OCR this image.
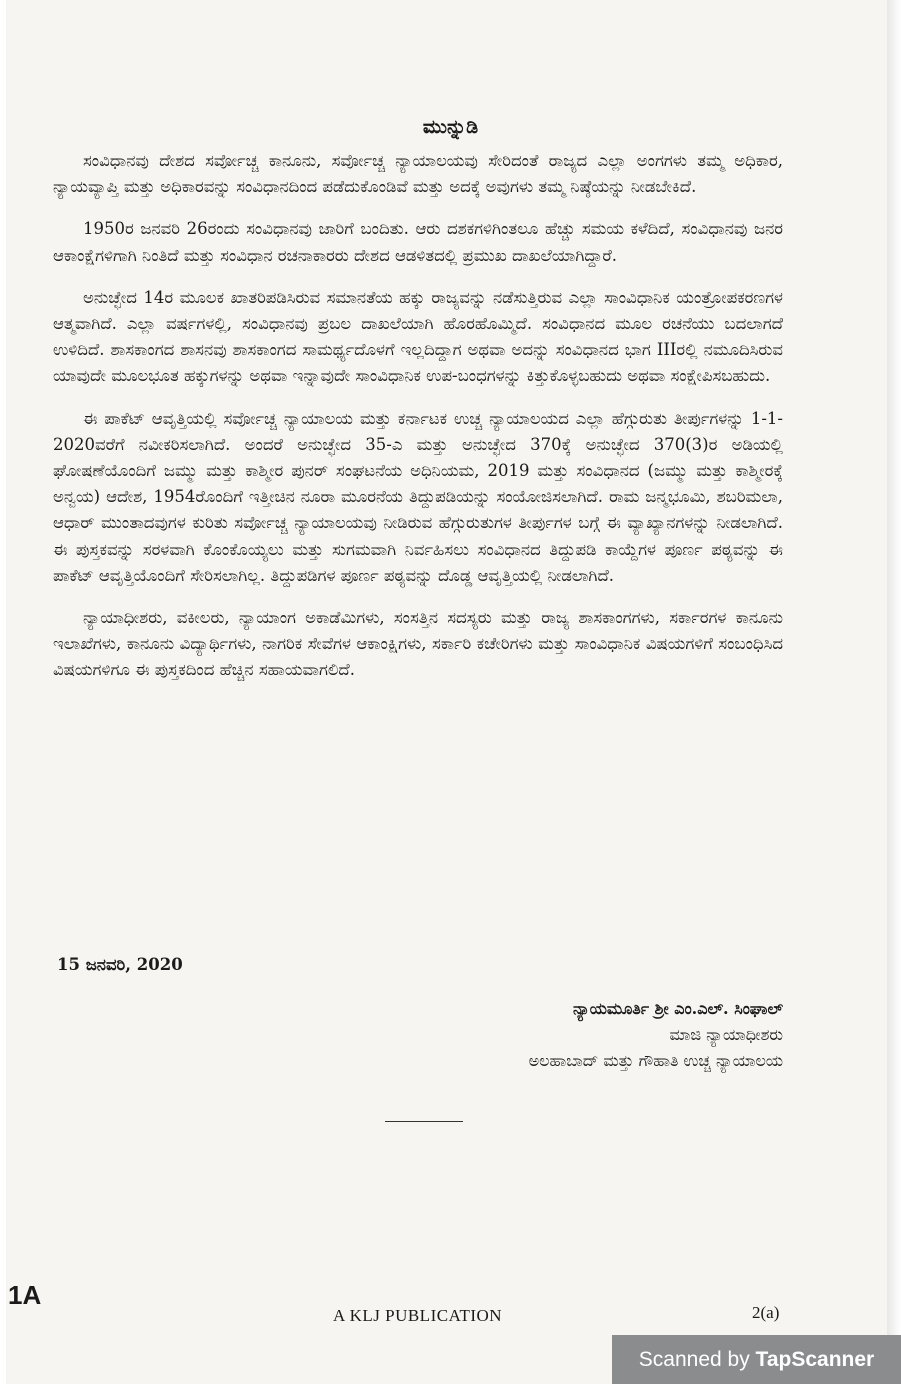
ಮುನ್ನುಡಿ

ಸಂವಿಧಾನವು ದೇಶದ ಸರ್ವೋಚ್ಚ ಕಾನೂನು, ಸರ್ವೋಚ್ಚ ನ್ಯಾಯಾಲಯವು ಸೇರಿದಂತೆ ರಾಜ್ಯದ ಎಲ್ಲಾ ಅಂಗಗಳು ತಮ್ಮ ಅಧಿಕಾರ, ನ್ಯಾಯವ್ಯಾಪ್ತಿ ಮತ್ತು ಅಧಿಕಾರವನ್ನು ಸಂವಿಧಾನದಿಂದ ಪಡೆದುಕೊಂಡಿವೆ ಮತ್ತು ಅದಕ್ಕೆ ಅವುಗಳು ತಮ್ಮ ನಿಷ್ಠೆಯನ್ನು ನೀಡಬೇಕಿದೆ.

1950ರ ಜನವರಿ 26ರಂದು ಸಂವಿಧಾನವು ಜಾರಿಗೆ ಬಂದಿತು. ಆರು ದಶಕಗಳಿಗಿಂತಲೂ ಹೆಚ್ಚು ಸಮಯ ಕಳೆದಿದೆ, ಸಂವಿಧಾನವು ಜನರ ಆಕಾಂಕ್ಷೆಗಳಿಗಾಗಿ ನಿಂತಿದೆ ಮತ್ತು ಸಂವಿಧಾನ ರಚನಾಕಾರರು ದೇಶದ ಆಡಳಿತದಲ್ಲಿ ಪ್ರಮುಖ ದಾಖಲೆಯಾಗಿದ್ದಾರೆ.

ಅನುಚ್ಛೇದ 14ರ ಮೂಲಕ ಖಾತರಿಪಡಿಸಿರುವ ಸಮಾನತೆಯ ಹಕ್ಕು ರಾಜ್ಯವನ್ನು ನಡೆಸುತ್ತಿರುವ ಎಲ್ಲಾ ಸಾಂವಿಧಾನಿಕ ಯಂತ್ರೋಪಕರಣಗಳ ಆತ್ಮವಾಗಿದೆ. ಎಲ್ಲಾ ವರ್ಷಗಳಲ್ಲಿ, ಸಂವಿಧಾನವು ಪ್ರಬಲ ದಾಖಲೆಯಾಗಿ ಹೊರಹೊಮ್ಮಿದೆ. ಸಂವಿಧಾನದ ಮೂಲ ರಚನೆಯು ಬದಲಾಗದೆ ಉಳಿದಿದೆ. ಶಾಸಕಾಂಗದ ಶಾಸನವು ಶಾಸಕಾಂಗದ ಸಾಮರ್ಥ್ಯದೊಳಗೆ ಇಲ್ಲದಿದ್ದಾಗ ಅಥವಾ ಅದನ್ನು ಸಂವಿಧಾನದ ಭಾಗ IIIರಲ್ಲಿ ನಮೂದಿಸಿರುವ ಯಾವುದೇ ಮೂಲಭೂತ ಹಕ್ಕುಗಳನ್ನು ಅಥವಾ ಇನ್ನಾವುದೇ ಸಾಂವಿಧಾನಿಕ ಉಪ-ಬಂಧಗಳನ್ನು ಕಿತ್ತುಕೊಳ್ಳಬಹುದು ಅಥವಾ ಸಂಕ್ಷೇಪಿಸಬಹುದು.

ಈ ಪಾಕೆಟ್ ಆವೃತ್ತಿಯಲ್ಲಿ ಸರ್ವೋಚ್ಚ ನ್ಯಾಯಾಲಯ ಮತ್ತು ಕರ್ನಾಟಕ ಉಚ್ಚ ನ್ಯಾಯಾಲಯದ ಎಲ್ಲಾ ಹೆಗ್ಗುರುತು ತೀರ್ಪುಗಳನ್ನು 1-1-2020ವರೆಗೆ ನವೀಕರಿಸಲಾಗಿದೆ. ಅಂದರೆ ಅನುಚ್ಛೇದ 35-ಎ ಮತ್ತು ಅನುಚ್ಛೇದ 370ಕ್ಕೆ ಅನುಚ್ಛೇದ 370(3)ರ ಅಡಿಯಲ್ಲಿ ಘೋಷಣೆಯೊಂದಿಗೆ ಜಮ್ಮು ಮತ್ತು ಕಾಶ್ಮೀರ ಪುನರ್ ಸಂಘಟನೆಯ ಅಧಿನಿಯಮ, 2019 ಮತ್ತು ಸಂವಿಧಾನದ (ಜಮ್ಮು ಮತ್ತು ಕಾಶ್ಮೀರಕ್ಕೆ ಅನ್ವಯ) ಆದೇಶ, 1954ರೊಂದಿಗೆ ಇತ್ತೀಚಿನ ನೂರಾ ಮೂರನೆಯ ತಿದ್ದುಪಡಿಯನ್ನು ಸಂಯೋಜಿಸಲಾಗಿದೆ. ರಾಮ ಜನ್ಮಭೂಮಿ, ಶಬರಿಮಲಾ, ಆಧಾರ್ ಮುಂತಾದವುಗಳ ಕುರಿತು ಸರ್ವೋಚ್ಚ ನ್ಯಾಯಾಲಯವು ನೀಡಿರುವ ಹೆಗ್ಗುರುತುಗಳ ತೀರ್ಪುಗಳ ಬಗ್ಗೆ ಈ ವ್ಯಾಖ್ಯಾನಗಳನ್ನು ನೀಡಲಾಗಿದೆ. ಈ ಪುಸ್ತಕವನ್ನು ಸರಳವಾಗಿ ಕೊಂಕೊಯ್ಯಲು ಮತ್ತು ಸುಗಮವಾಗಿ ನಿರ್ವಹಿಸಲು ಸಂವಿಧಾನದ ತಿದ್ದುಪಡಿ ಕಾಯ್ದೆಗಳ ಪೂರ್ಣ ಪಠ್ಯವನ್ನು ಈ ಪಾಕೆಟ್ ಆವೃತ್ತಿಯೊಂದಿಗೆ ಸೇರಿಸಲಾಗಿಲ್ಲ. ತಿದ್ದುಪಡಿಗಳ ಪೂರ್ಣ ಪಠ್ಯವನ್ನು ದೊಡ್ಡ ಆವೃತ್ತಿಯಲ್ಲಿ ನೀಡಲಾಗಿದೆ.

ನ್ಯಾಯಾಧೀಶರು, ವಕೀಲರು, ನ್ಯಾಯಾಂಗ ಅಕಾಡೆಮಿಗಳು, ಸಂಸತ್ತಿನ ಸದಸ್ಯರು ಮತ್ತು ರಾಜ್ಯ ಶಾಸಕಾಂಗಗಳು, ಸರ್ಕಾರಗಳ ಕಾನೂನು ಇಲಾಖೆಗಳು, ಕಾನೂನು ವಿದ್ಯಾರ್ಥಿಗಳು, ನಾಗರಿಕ ಸೇವೆಗಳ ಆಕಾಂಕ್ಷಿಗಳು, ಸರ್ಕಾರಿ ಕಚೇರಿಗಳು ಮತ್ತು ಸಾಂವಿಧಾನಿಕ ವಿಷಯಗಳಿಗೆ ಸಂಬಂಧಿಸಿದ ವಿಷಯಗಳಿಗೂ ಈ ಪುಸ್ತಕದಿಂದ ಹೆಚ್ಚಿನ ಸಹಾಯವಾಗಲಿದೆ.

15 ಜನವರಿ, 2020
ನ್ಯಾಯಮೂರ್ತಿ ಶ್ರೀ ಎಂ.ಎಲ್. ಸಿಂಘಾಲ್
ಮಾಜಿ ನ್ಯಾಯಾಧೀಶರು
ಅಲಹಾಬಾದ್ ಮತ್ತು ಗೌಹಾತಿ ಉಚ್ಚ ನ್ಯಾಯಾಲಯ
1A
A KLJ PUBLICATION	2(a)
Scanned by TapScanner
